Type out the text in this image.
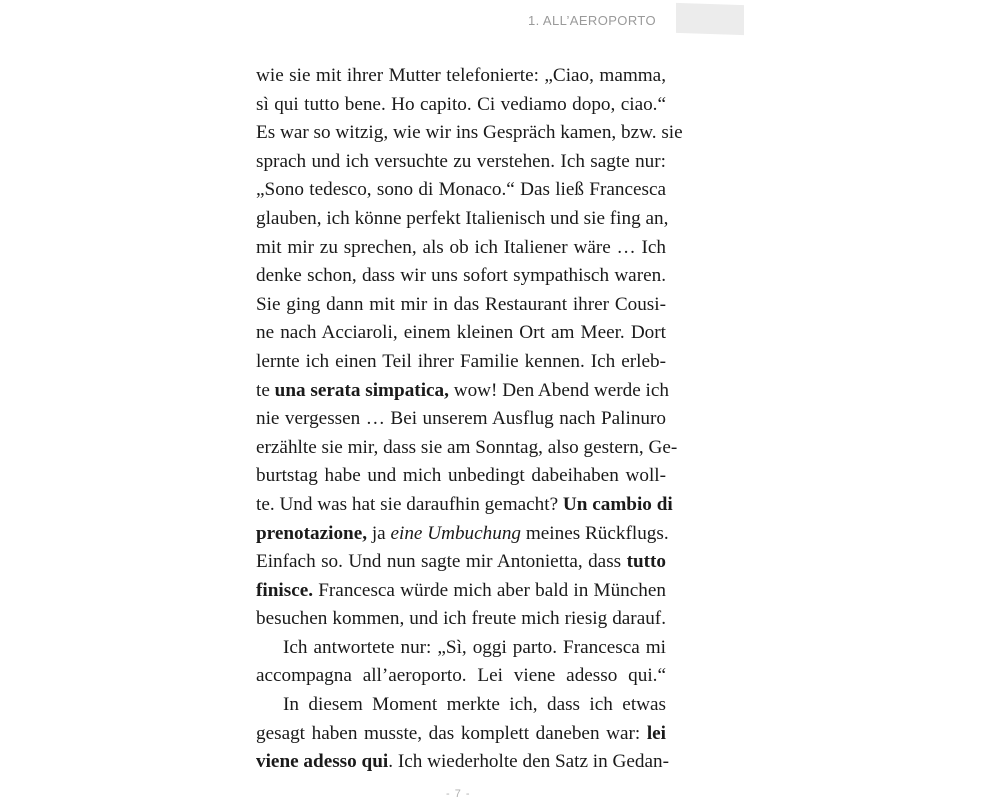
1. ALL’AEROPORTO

wie sie mit ihrer Mutter telefonierte: „Ciao, mamma,
sì qui tutto bene. Ho capito. Ci vediamo dopo, ciao.“
Es war so witzig, wie wir ins Gespräch kamen, bzw. sie
sprach und ich versuchte zu verstehen. Ich sagte nur:
„Sono tedesco, sono di Monaco.“ Das ließ Francesca
glauben, ich könne perfekt Italienisch und sie fing an,
mit mir zu sprechen, als ob ich Italiener wäre … Ich
denke schon, dass wir uns sofort sympathisch waren.
Sie ging dann mit mir in das Restaurant ihrer Cousi-
ne nach Acciaroli, einem kleinen Ort am Meer. Dort
lernte ich einen Teil ihrer Familie kennen. Ich erleb-
te una serata simpatica, wow! Den Abend werde ich
nie vergessen … Bei unserem Ausflug nach Palinuro
erzählte sie mir, dass sie am Sonntag, also gestern, Ge-
burtstag habe und mich unbedingt dabeihaben woll-
te. Und was hat sie daraufhin gemacht? Un cambio di
prenotazione, ja eine Umbuchung meines Rückflugs.
Einfach so. Und nun sagte mir Antonietta, dass tutto
finisce. Francesca würde mich aber bald in München
besuchen kommen, und ich freute mich riesig darauf.

Ich antwortete nur: „Sì, oggi parto. Francesca mi
accompagna all’aeroporto. Lei viene adesso qui.“

In diesem Moment merkte ich, dass ich etwas
gesagt haben musste, das komplett daneben war: lei
viene adesso qui. Ich wiederholte den Satz in Gedan-

- 7 -
